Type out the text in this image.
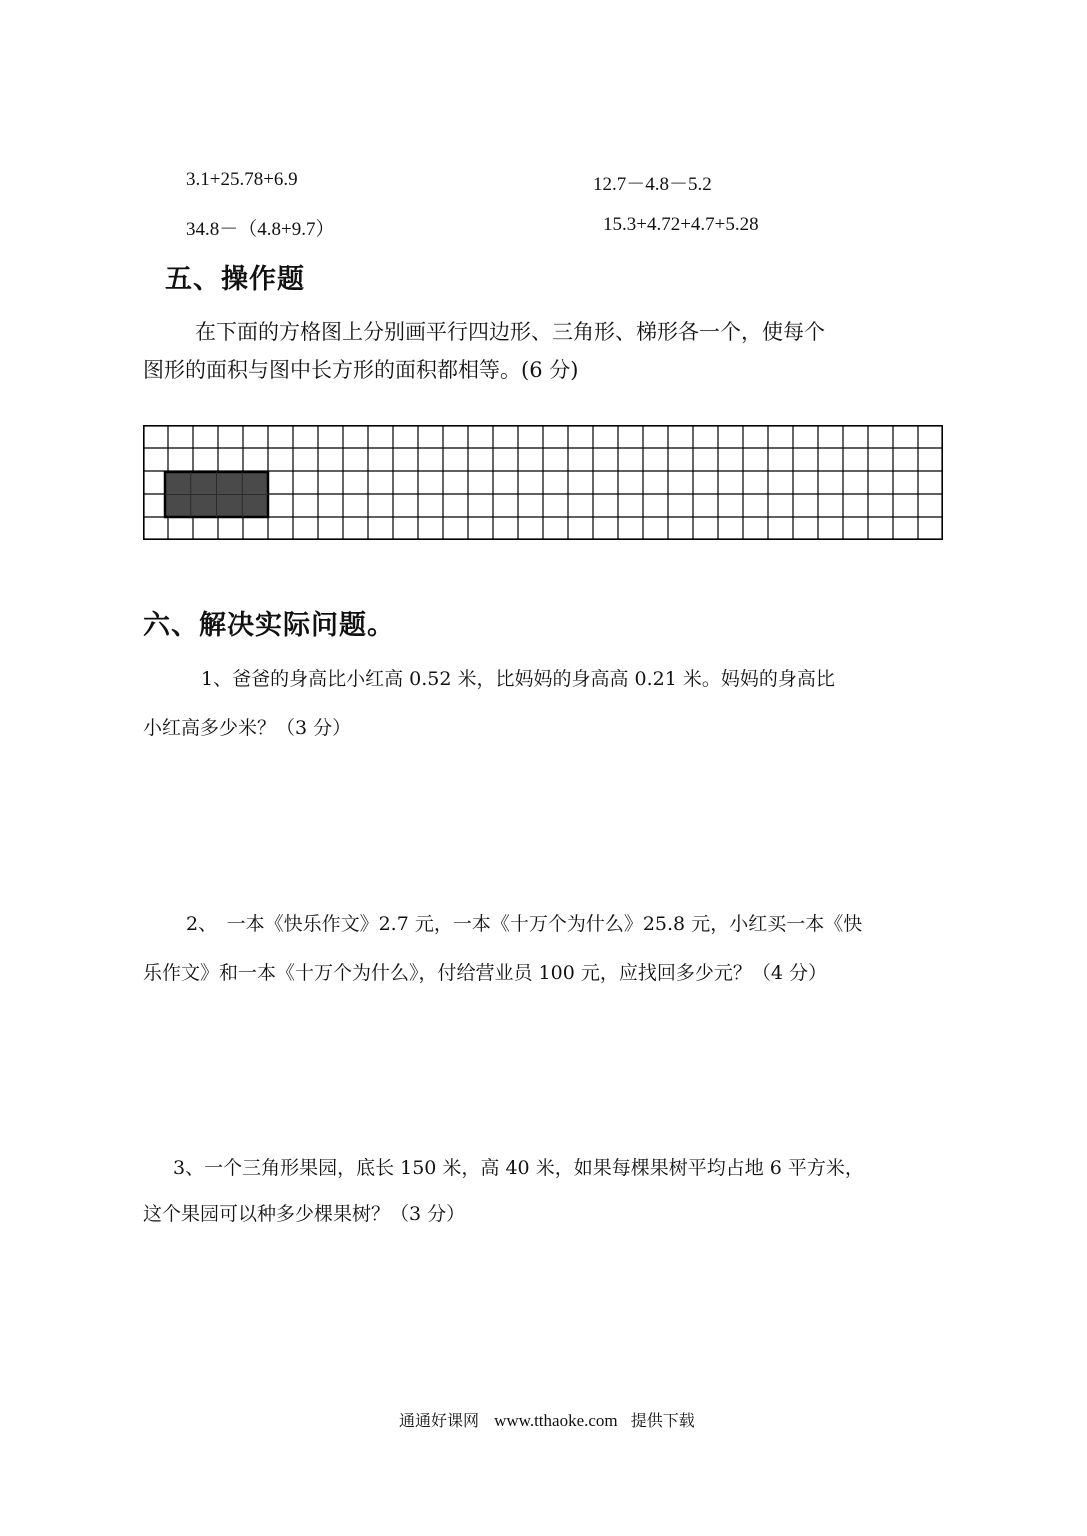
3.1+25.78+6.9	12.7－4.8－5.2
34.8－（4.8+9.7）	15.3+4.72+4.7+5.28
五、操作题
在下面的方格图上分别画平行四边形、三角形、梯形各一个，使每个
图形的面积与图中长方形的面积都相等。(6 分)
六、解决实际问题。
1、爸爸的身高比小红高 0.52 米，比妈妈的身高高 0.21 米。妈妈的身高比
小红高多少米？（3 分）
2、　一本《快乐作文》2.7 元，一本《十万个为什么》25.8 元，小红买一本《快
乐作文》和一本《十万个为什么》，付给营业员 100 元，应找回多少元？（4 分）
3、一个三角形果园，底长 150 米，高 40 米，如果每棵果树平均占地 6 平方米，
这个果园可以种多少棵果树？（3 分）
通通好课网 www.tthaoke.com 提供下载
